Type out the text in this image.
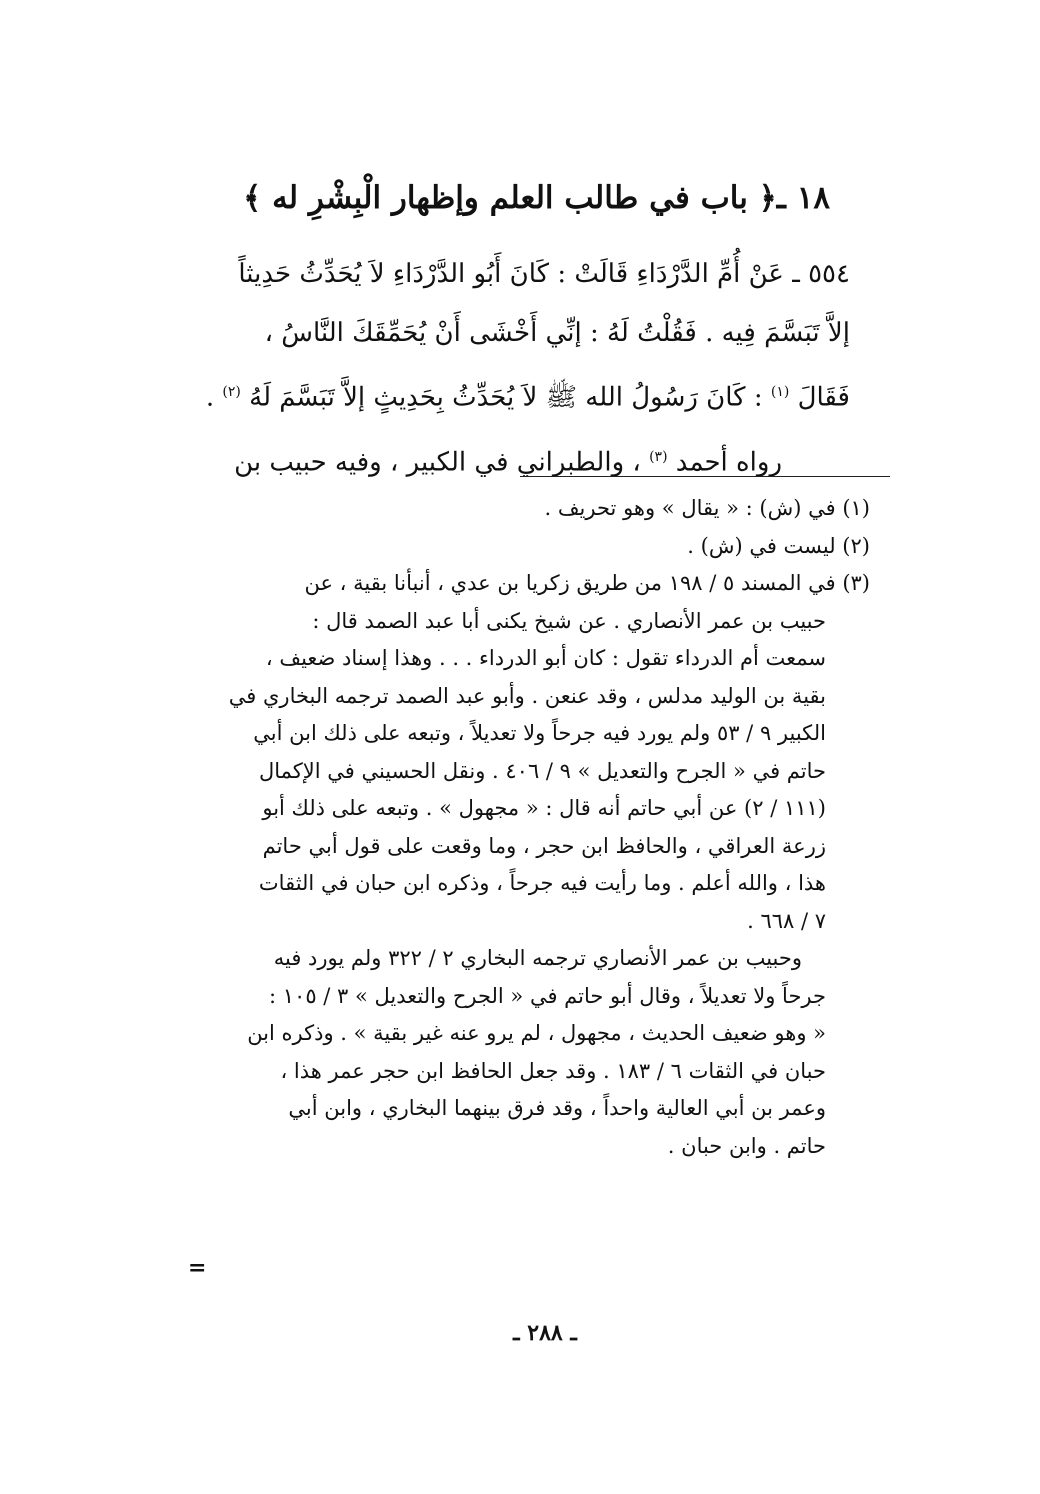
١٨ ـ﴿ باب في طالب العلم وإظهار الْبِشْرِ له ﴾
٥٥٤ ـ عَنْ أُمِّ الدَّرْدَاءِ قَالَتْ : كَانَ أَبُو الدَّرْدَاءِ لاَ يُحَدِّثُ حَدِيثاً
إلاَّ تَبَسَّمَ فِيه . فَقُلْتُ لَهُ : إنِّي أَخْشَى أَنْ يُحَمِّقَكَ النَّاسُ ،
فَقَالَ $^{(١)}$ : كَانَ رَسُولُ الله ﷺ لاَ يُحَدِّثُ بِحَدِيثٍ إلاَّ تَبَسَّمَ لَهُ $^{(٢)}$ .
رواه أحمد $^{(٣)}$ ، والطبراني في الكبير ، وفيه حبيب بن
(١) في (ش) : « يقال » وهو تحريف .
(٢) ليست في (ش) .
(٣) في المسند ٥ / ١٩٨ من طريق زكريا بن عدي ، أنبأنا بقية ، عن
حبيب بن عمر الأنصاري . عن شيخ يكنى أبا عبد الصمد قال :
سمعت أم الدرداء تقول : كان أبو الدرداء . . . وهذا إسناد ضعيف ،
بقية بن الوليد مدلس ، وقد عنعن . وأبو عبد الصمد ترجمه البخاري في
الكبير ٩ / ٥٣ ولم يورد فيه جرحاً ولا تعديلاً ، وتبعه على ذلك ابن أبي
حاتم في « الجرح والتعديل » ٩ / ٤٠٦ . ونقل الحسيني في الإكمال
(١١١ / ٢) عن أبي حاتم أنه قال : « مجهول » . وتبعه على ذلك أبو
زرعة العراقي ، والحافظ ابن حجر ، وما وقعت على قول أبي حاتم
هذا ، والله أعلم . وما رأيت فيه جرحاً ، وذكره ابن حبان في الثقات
٧ / ٦٦٨ .
وحبيب بن عمر الأنصاري ترجمه البخاري ٢ / ٣٢٢ ولم يورد فيه
جرحاً ولا تعديلاً ، وقال أبو حاتم في « الجرح والتعديل » ٣ / ١٠٥ :
« وهو ضعيف الحديث ، مجهول ، لم يرو عنه غير بقية » . وذكره ابن
حبان في الثقات ٦ / ١٨٣ . وقد جعل الحافظ ابن حجر عمر هذا ،
وعمر بن أبي العالية واحداً ، وقد فرق بينهما البخاري ، وابن أبي
حاتم . وابن حبان .
=
ـ ٢٨٨ ـ
